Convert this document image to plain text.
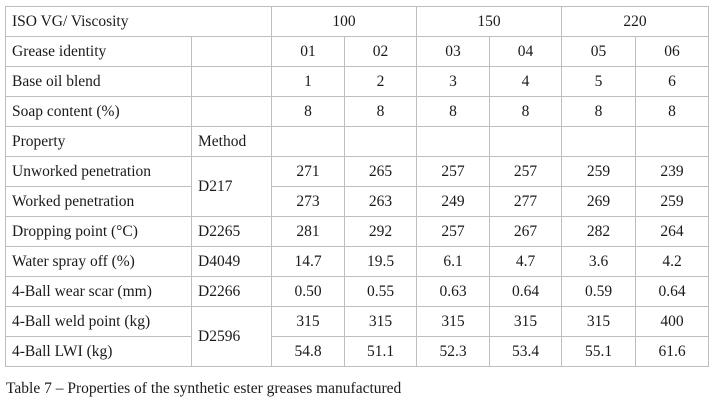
ISO VG/ Viscosity		100		150		220	
Grease identity		01	02	03	04	05	06
Base oil blend		1	2	3	4	5	6
Soap content (%)		8	8	8	8	8	8
Property	Method						
Unworked penetration	D217	271	265	257	257	259	239
Worked penetration		273	263	249	277	269	259
Dropping point (°C)	D2265	281	292	257	267	282	264
Water spray off (%)	D4049	14.7	19.5	6.1	4.7	3.6	4.2
4-Ball wear scar (mm)	D2266	0.50	0.55	0.63	0.64	0.59	0.64
4-Ball weld point (kg)	D2596	315	315	315	315	315	400
4-Ball LWI (kg)		54.8	51.1	52.3	53.4	55.1	61.6
Table 7 – Properties of the synthetic ester greases manufactured
